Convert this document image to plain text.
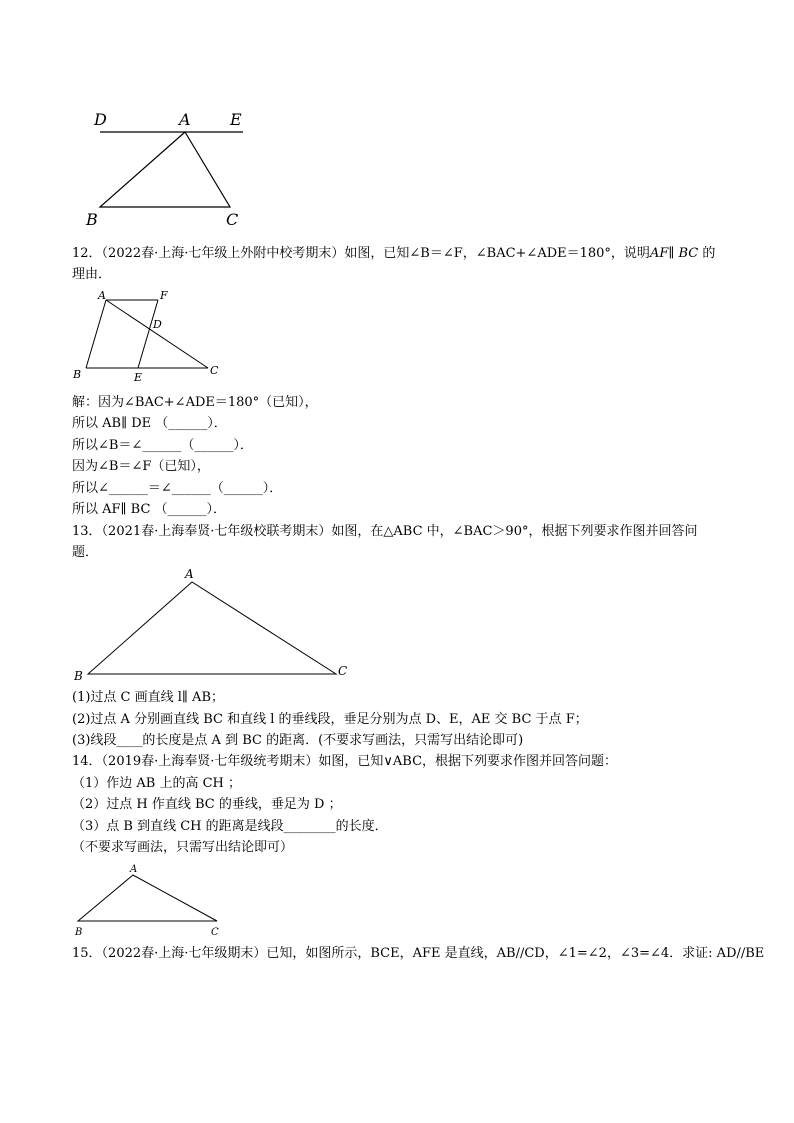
D	A E
B	C
12．（2022春·上海·七年级上外附中校考期末）如图，已知∠B＝∠F，∠BAC+∠ADE＝180°，说明AF∥ BC 的
理由．
A	F
D
B	E
C
解：因为∠BAC+∠ADE＝180°（已知），
所以 AB∥ DE （______）．
所以∠B＝∠______（______）．
因为∠B＝∠F（已知），
所以∠______＝∠______（______）．
所以 AF∥ BC （______）．
13．（2021春·上海奉贤·七年级校联考期末）如图，在△ABC 中，∠BAC＞90°，根据下列要求作图并回答问
题．
A
B	C
(1)过点 C 画直线 l∥ AB；
(2)过点 A 分别画直线 BC 和直线 l 的垂线段，垂足分别为点 D、E，AE 交 BC 于点 F；
(3)线段____的长度是点 A 到 BC 的距离．(不要求写画法，只需写出结论即可)
14．（2019春·上海奉贤·七年级统考期末）如图，已知∨ABC，根据下列要求作图并回答问题：
（1）作边 AB 上的高 CH ；
（2）过点 H 作直线 BC 的垂线，垂足为 D ；
（3）点 B 到直线 CH 的距离是线段________的长度．
（不要求写画法，只需写出结论即可）
A
B	C
15．（2022春·上海·七年级期末）已知，如图所示，BCE，AFE 是直线，AB//CD，∠1=∠2，∠3=∠4．求证: AD//BE
